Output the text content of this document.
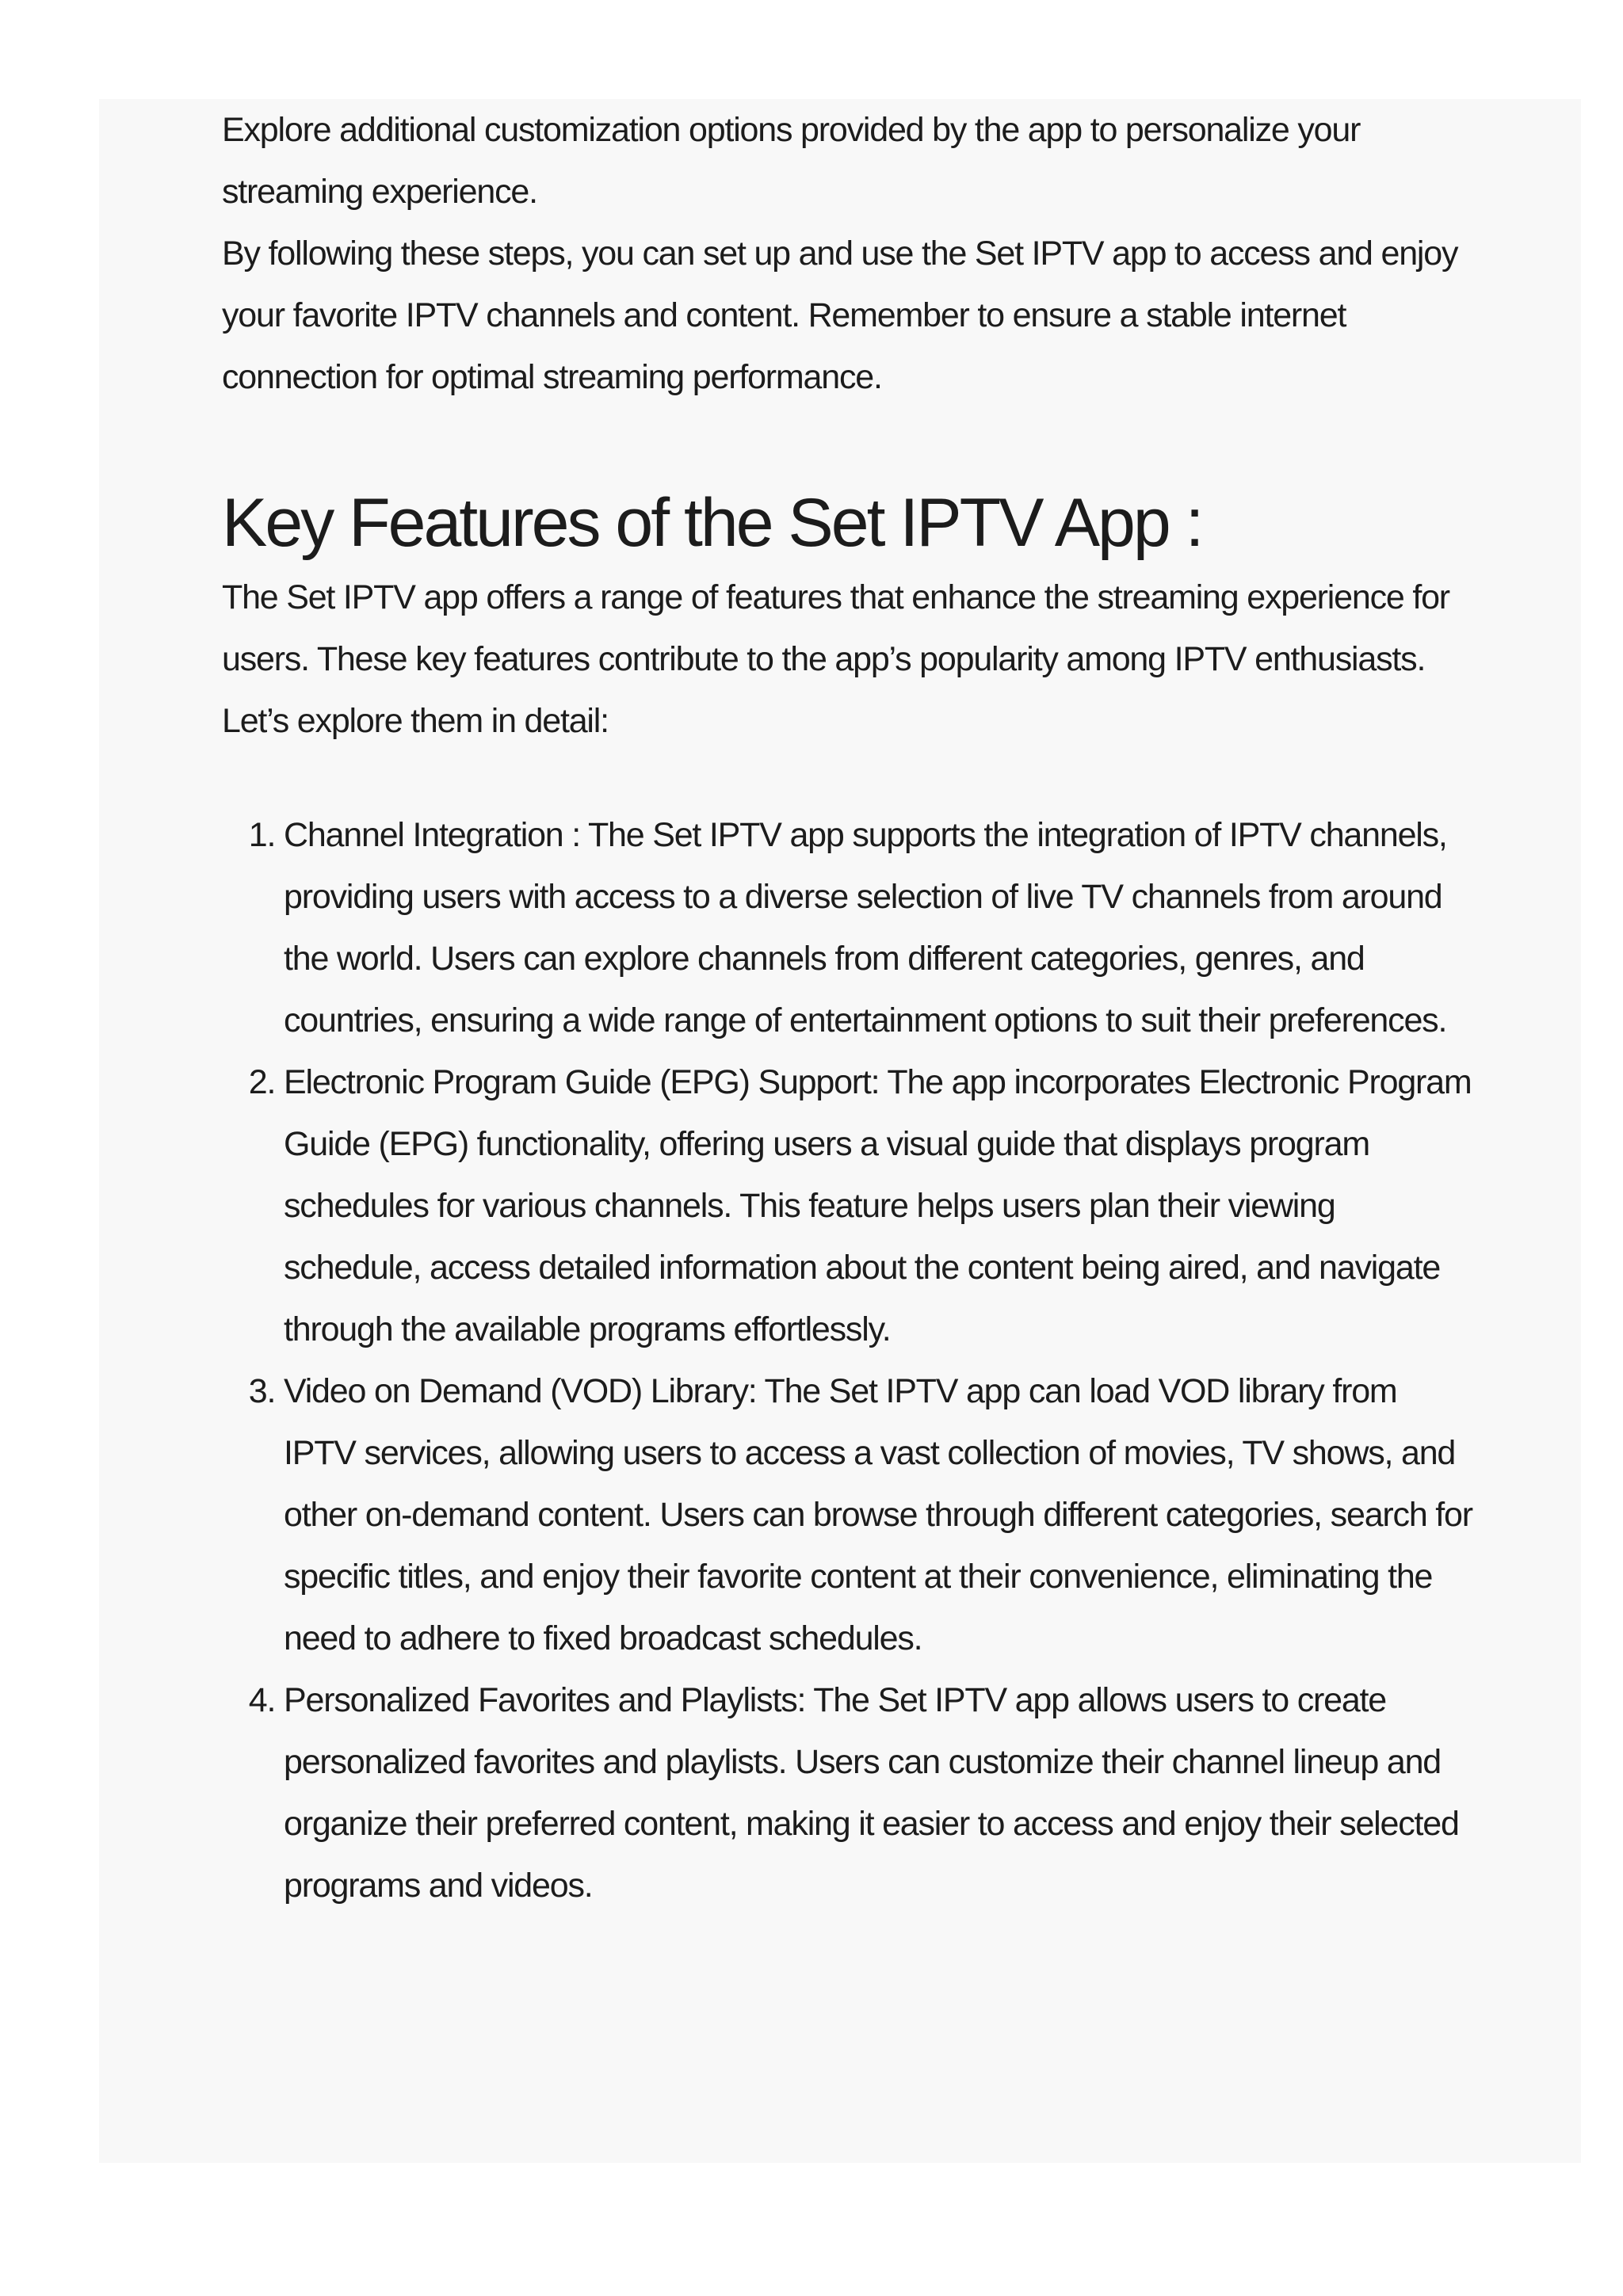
Explore additional customization options provided by the app to personalize your streaming experience.

By following these steps, you can set up and use the Set IPTV app to access and enjoy your favorite IPTV channels and content. Remember to ensure a stable internet connection for optimal streaming performance.

Key Features of the Set IPTV App :

The Set IPTV app offers a range of features that enhance the streaming experience for users. These key features contribute to the app’s popularity among IPTV enthusiasts. Let’s explore them in detail:

1. Channel Integration : The Set IPTV app supports the integration of IPTV channels, providing users with access to a diverse selection of live TV channels from around the world. Users can explore channels from different categories, genres, and countries, ensuring a wide range of entertainment options to suit their preferences.
2. Electronic Program Guide (EPG) Support: The app incorporates Electronic Program Guide (EPG) functionality, offering users a visual guide that displays program schedules for various channels. This feature helps users plan their viewing schedule, access detailed information about the content being aired, and navigate through the available programs effortlessly.
3. Video on Demand (VOD) Library: The Set IPTV app can load VOD library from IPTV services, allowing users to access a vast collection of movies, TV shows, and other on-demand content. Users can browse through different categories, search for specific titles, and enjoy their favorite content at their convenience, eliminating the need to adhere to fixed broadcast schedules.
4. Personalized Favorites and Playlists: The Set IPTV app allows users to create personalized favorites and playlists. Users can customize their channel lineup and organize their preferred content, making it easier to access and enjoy their selected programs and videos.
